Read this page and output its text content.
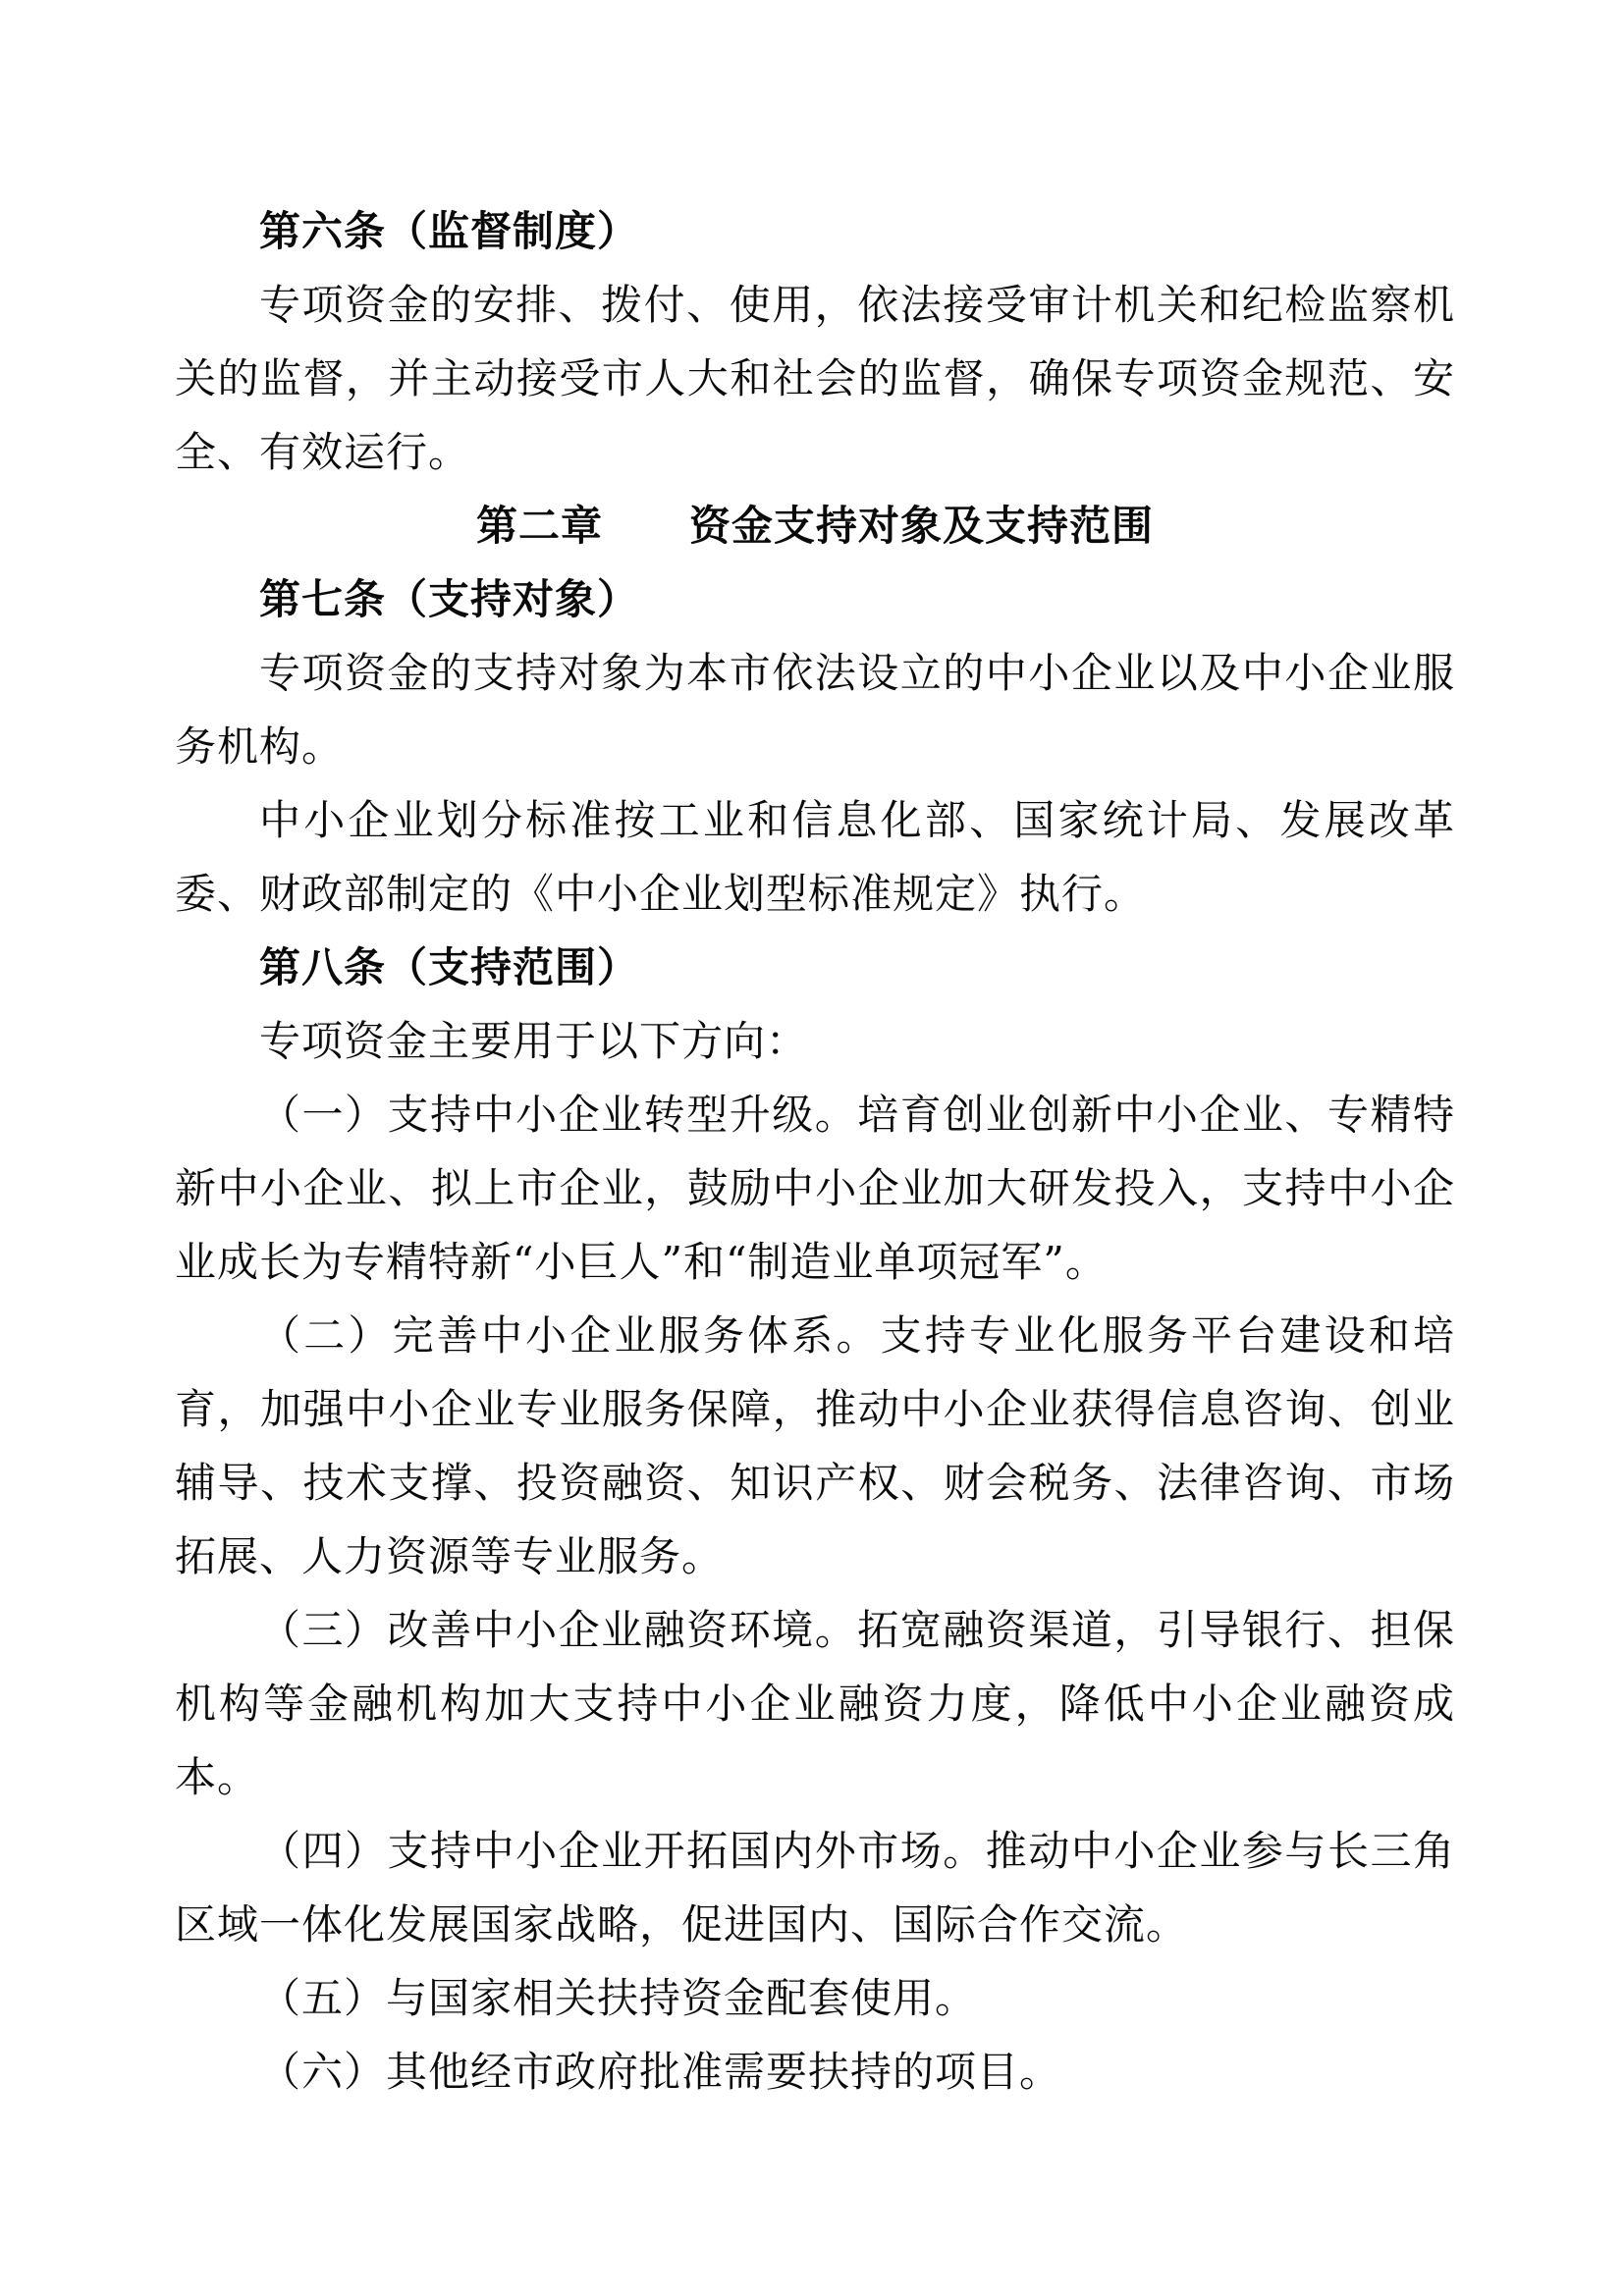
第六条（监督制度）

专项资金的安排、拨付、使用，依法接受审计机关和纪检监察机关的监督，并主动接受市人大和社会的监督，确保专项资金规范、安全、有效运行。

第二章 资金支持对象及支持范围

第七条（支持对象）

专项资金的支持对象为本市依法设立的中小企业以及中小企业服务机构。

中小企业划分标准按工业和信息化部、国家统计局、发展改革委、财政部制定的《中小企业划型标准规定》执行。

第八条（支持范围）

专项资金主要用于以下方向：

（一）支持中小企业转型升级。培育创业创新中小企业、专精特新中小企业、拟上市企业，鼓励中小企业加大研发投入，支持中小企业成长为专精特新“小巨人”和“制造业单项冠军”。

（二）完善中小企业服务体系。支持专业化服务平台建设和培育，加强中小企业专业服务保障，推动中小企业获得信息咨询、创业辅导、技术支撑、投资融资、知识产权、财会税务、法律咨询、市场拓展、人力资源等专业服务。

（三）改善中小企业融资环境。拓宽融资渠道，引导银行、担保机构等金融机构加大支持中小企业融资力度，降低中小企业融资成本。

（四）支持中小企业开拓国内外市场。推动中小企业参与长三角区域一体化发展国家战略，促进国内、国际合作交流。

（五）与国家相关扶持资金配套使用。

（六）其他经市政府批准需要扶持的项目。
